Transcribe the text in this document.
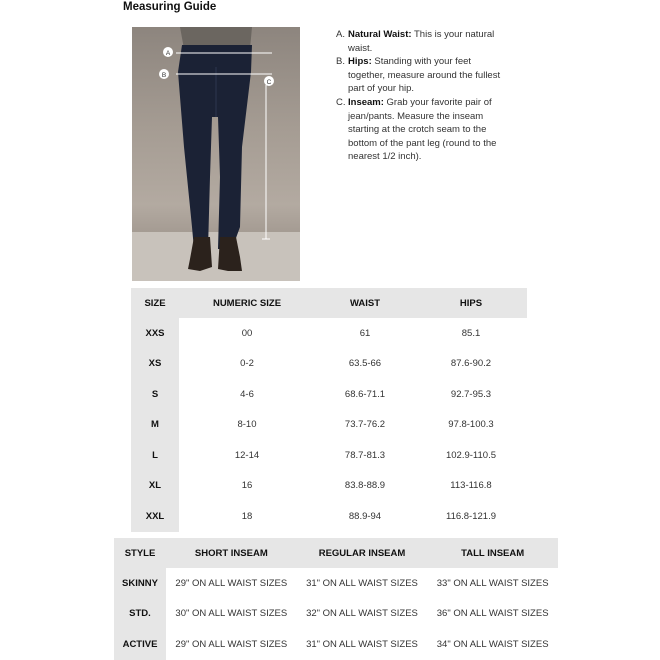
Measuring Guide
A
B
C
A. Natural Waist: This is your natural waist.
B. Hips: Standing with your feet together, measure around the fullest part of your hip.
C. Inseam: Grab your favorite pair of jean/pants. Measure the inseam starting at the crotch seam to the bottom of the pant leg (round to the nearest 1/2 inch).
SIZE	NUMERIC SIZE	WAIST	HIPS
XXS	00	61	85.1
XS	0-2	63.5-66	87.6-90.2
S	4-6	68.6-71.1	92.7-95.3
M	8-10	73.7-76.2	97.8-100.3
L	12-14	78.7-81.3	102.9-110.5
XL	16	83.8-88.9	113-116.8
XXL	18	88.9-94	116.8-121.9
STYLE	SHORT INSEAM	REGULAR INSEAM	TALL INSEAM
SKINNY	29" ON ALL WAIST SIZES	31" ON ALL WAIST SIZES	33" ON ALL WAIST SIZES
STD.	30" ON ALL WAIST SIZES	32" ON ALL WAIST SIZES	36" ON ALL WAIST SIZES
ACTIVE	29" ON ALL WAIST SIZES	31" ON ALL WAIST SIZES	34" ON ALL WAIST SIZES
